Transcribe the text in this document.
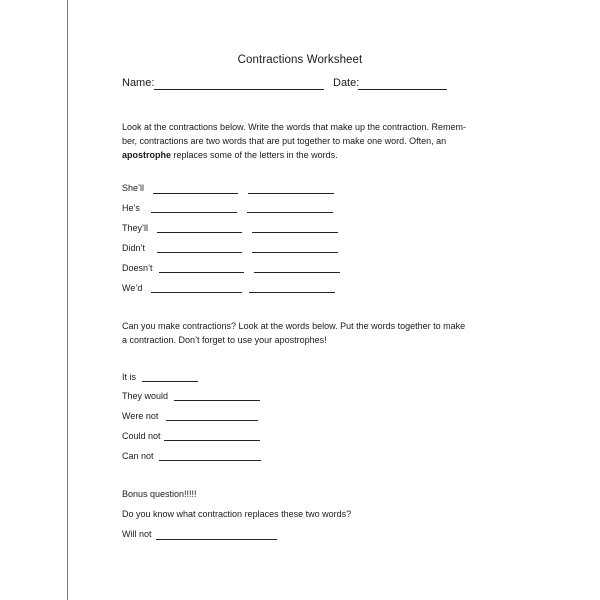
Contractions Worksheet
Name:	Date:
Look at the contractions below. Write the words that make up the contraction. Remem-
ber, contractions are two words that are put together to make one word. Often, an
apostrophe replaces some of the letters in the words.
She’ll
He’s
They’ll
Didn’t
Doesn’t
We’d
Can you make contractions? Look at the words below. Put the words together to make
a contraction. Don’t forget to use your apostrophes!
It is
They would
Were not
Could not
Can not
Bonus question!!!!!
Do you know what contraction replaces these two words?
Will not
